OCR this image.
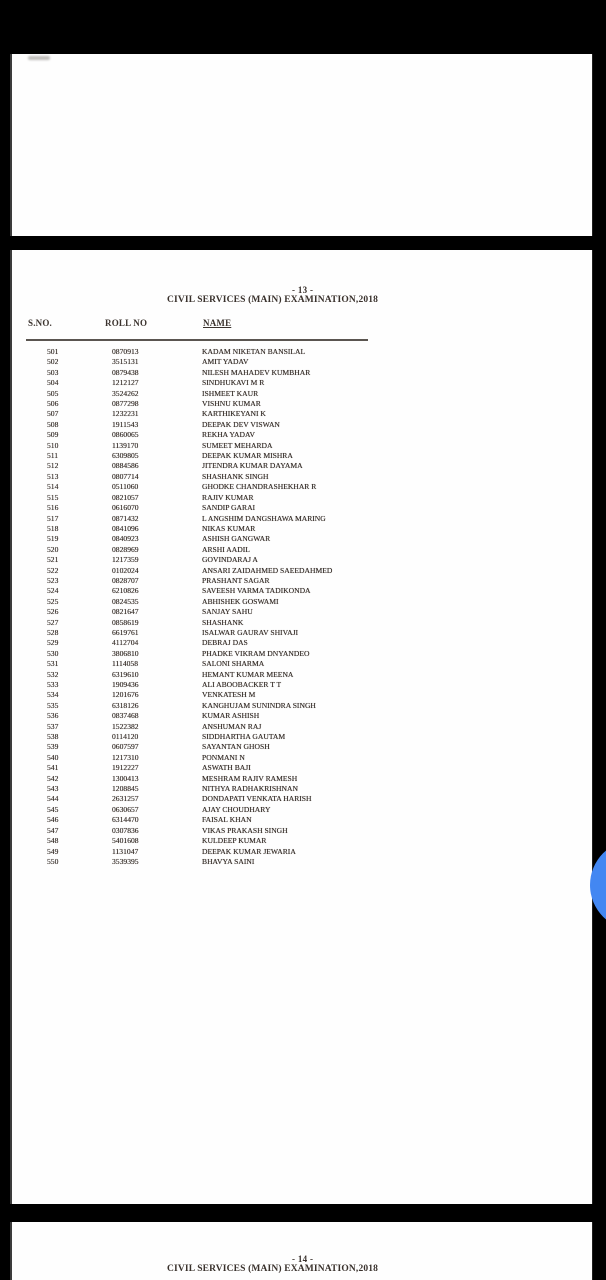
- 13 -
CIVIL SERVICES (MAIN) EXAMINATION,2018
S.NO.	ROLL NO	NAME
501	0870913	KADAM NIKETAN BANSILAL
502	3515131	AMIT YADAV
503	0879438	NILESH MAHADEV KUMBHAR
504	1212127	SINDHUKAVI M R
505	3524262	ISHMEET KAUR
506	0877298	VISHNU KUMAR
507	1232231	KARTHIKEYANI K
508	1911543	DEEPAK DEV VISWAN
509	0860065	REKHA YADAV
510	1139170	SUMEET MEHARDA
511	6309805	DEEPAK KUMAR MISHRA
512	0884586	JITENDRA KUMAR DAYAMA
513	0807714	SHASHANK SINGH
514	0511060	GHODKE CHANDRASHEKHAR R
515	0821057	RAJIV KUMAR
516	0616070	SANDIP GARAI
517	0871432	L ANGSHIM DANGSHAWA MARING
518	0841096	NIKAS KUMAR
519	0840923	ASHISH GANGWAR
520	0828969	ARSHI AADIL
521	1217359	GOVINDARAJ A
522	0102024	ANSARI ZAIDAHMED SAEEDAHMED
523	0828707	PRASHANT SAGAR
524	6210826	SAVEESH VARMA TADIKONDA
525	0824535	ABHISHEK GOSWAMI
526	0821647	SANJAY SAHU
527	0858619	SHASHANK
528	6619761	ISALWAR GAURAV SHIVAJI
529	4112704	DEBRAJ DAS
530	3806810	PHADKE VIKRAM DNYANDEO
531	1114058	SALONI SHARMA
532	6319610	HEMANT KUMAR MEENA
533	1909436	ALI ABOOBACKER T T
534	1201676	VENKATESH M
535	6318126	KANGHUJAM SUNINDRA SINGH
536	0837468	KUMAR ASHISH
537	1522382	ANSHUMAN RAJ
538	0114120	SIDDHARTHA GAUTAM
539	0607597	SAYANTAN GHOSH
540	1217310	PONMANI N
541	1912227	ASWATH BAJI
542	1300413	MESHRAM RAJIV RAMESH
543	1208845	NITHYA RADHAKRISHNAN
544	2631257	DONDAPATI VENKATA HARISH
545	0630657	AJAY CHOUDHARY
546	6314470	FAISAL KHAN
547	0307836	VIKAS PRAKASH SINGH
548	5401608	KULDEEP KUMAR
549	1131047	DEEPAK KUMAR JEWARIA
550	3539395	BHAVYA SAINI
- 14 -
CIVIL SERVICES (MAIN) EXAMINATION,2018
